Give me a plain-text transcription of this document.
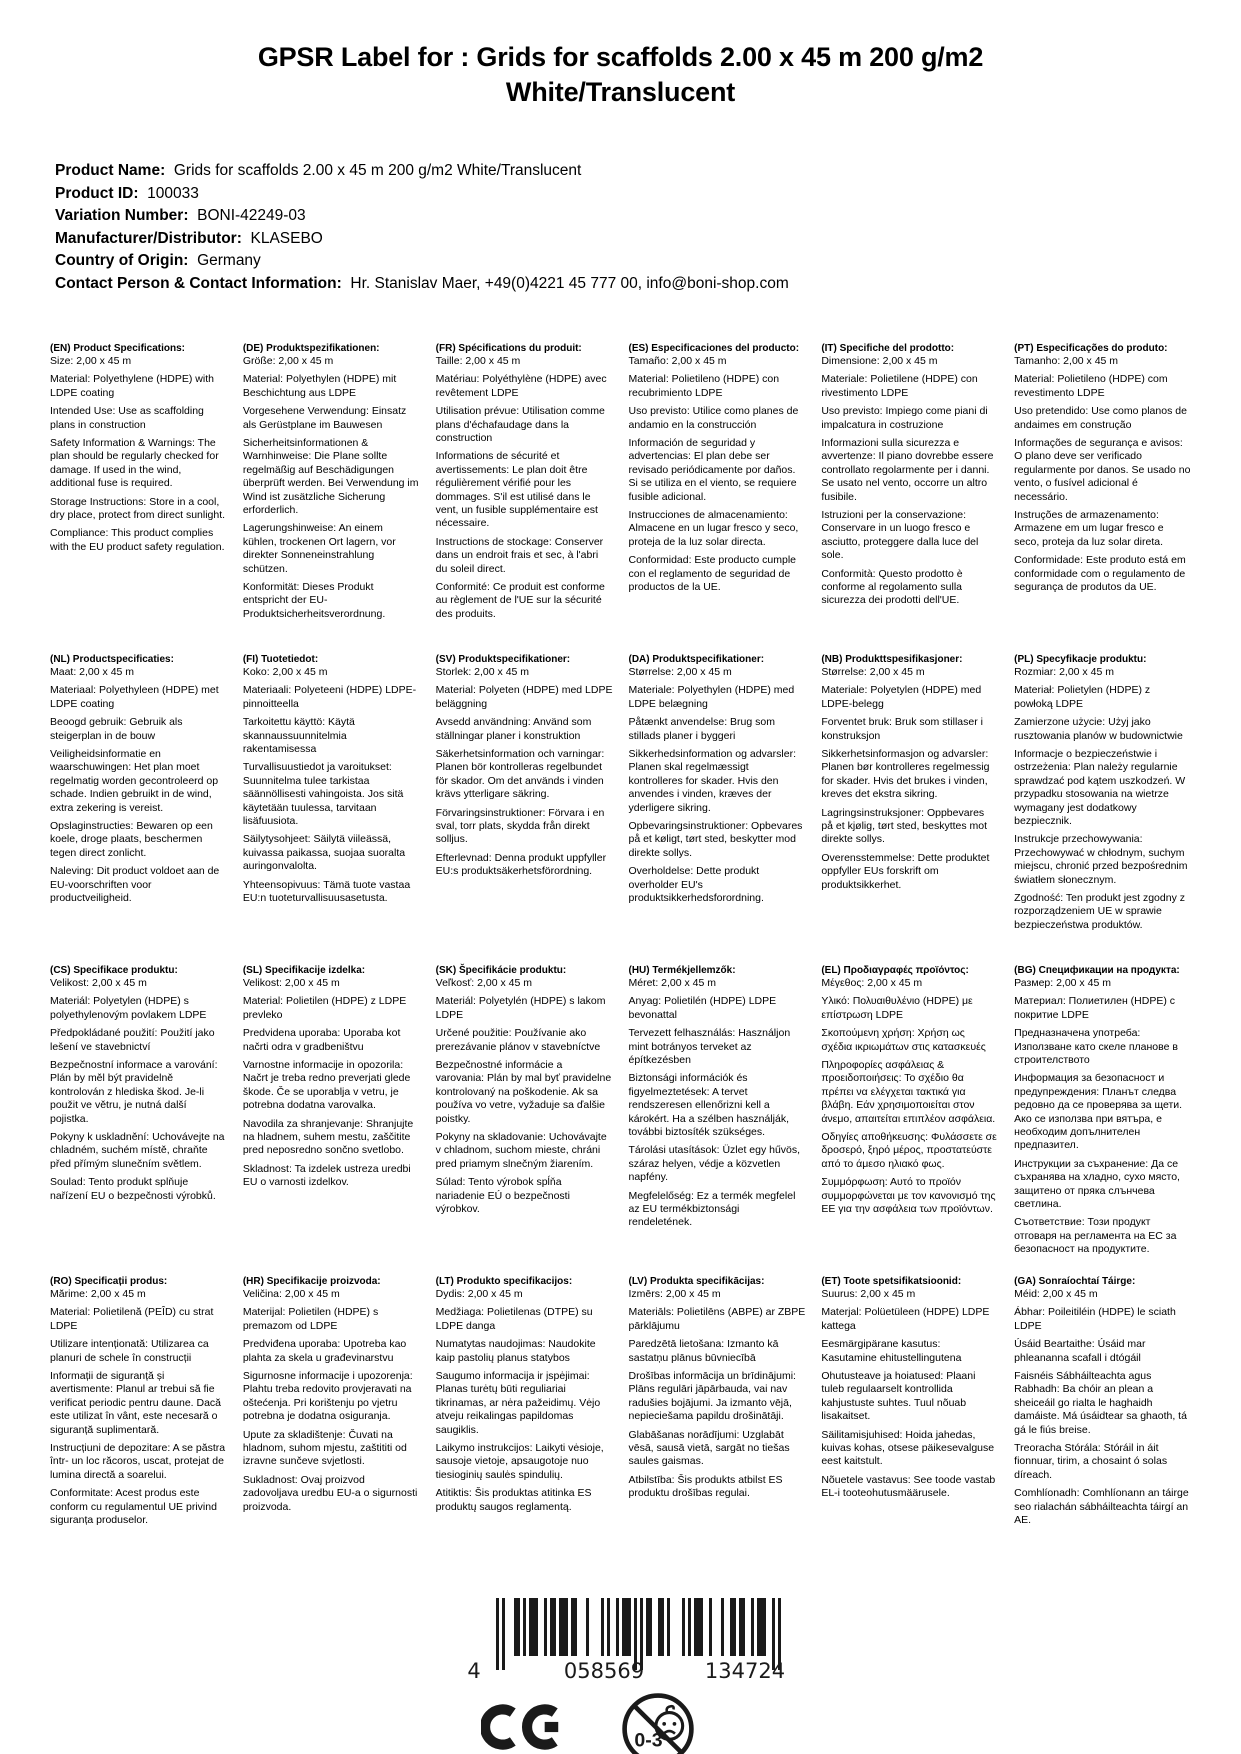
GPSR Label for : Grids for scaffolds 2.00 x 45 m 200 g/m2
White/Translucent
Product Name:  Grids for scaffolds 2.00 x 45 m 200 g/m2 White/Translucent
Product ID:  100033
Variation Number:  BONI-42249-03
Manufacturer/Distributor:  KLASEBO
Country of Origin:  Germany
Contact Person & Contact Information:  Hr. Stanislav Maer, +49(0)4221 45 777 00, info@boni-shop.com
(EN) Product Specifications:

Size: 2,00 x 45 m

Material: Polyethylene (HDPE) with LDPE coating

Intended Use: Use as scaffolding plans in construction

Safety Information & Warnings: The plan should be regularly checked for damage. If used in the wind, additional fuse is required.

Storage Instructions: Store in a cool, dry place, protect from direct sunlight.

Compliance: This product complies with the EU product safety regulation.

(DE) Produktspezifikationen:

Größe: 2,00 x 45 m

Material: Polyethylen (HDPE) mit Beschichtung aus LDPE

Vorgesehene Verwendung: Einsatz als Gerüstplane im Bauwesen

Sicherheitsinformationen & Warnhinweise: Die Plane sollte regelmäßig auf Beschädigungen überprüft werden. Bei Verwendung im Wind ist zusätzliche Sicherung erforderlich.

Lagerungshinweise: An einem kühlen, trockenen Ort lagern, vor direkter Sonneneinstrahlung schützen.

Konformität: Dieses Produkt entspricht der EU-Produktsicherheitsverordnung.

(FR) Spécifications du produit:

Taille: 2,00 x 45 m

Matériau: Polyéthylène (HDPE) avec revêtement LDPE

Utilisation prévue: Utilisation comme plans d'échafaudage dans la construction

Informations de sécurité et avertissements: Le plan doit être régulièrement vérifié pour les dommages. S'il est utilisé dans le vent, un fusible supplémentaire est nécessaire.

Instructions de stockage: Conserver dans un endroit frais et sec, à l'abri du soleil direct.

Conformité: Ce produit est conforme au règlement de l'UE sur la sécurité des produits.

(ES) Especificaciones del producto:

Tamaño: 2,00 x 45 m

Material: Polietileno (HDPE) con recubrimiento LDPE

Uso previsto: Utilice como planes de andamio en la construcción

Información de seguridad y advertencias: El plan debe ser revisado periódicamente por daños. Si se utiliza en el viento, se requiere fusible adicional.

Instrucciones de almacenamiento: Almacene en un lugar fresco y seco, proteja de la luz solar directa.

Conformidad: Este producto cumple con el reglamento de seguridad de productos de la UE.

(IT) Specifiche del prodotto:

Dimensione: 2,00 x 45 m

Materiale: Polietilene (HDPE) con rivestimento LDPE

Uso previsto: Impiego come piani di impalcatura in costruzione

Informazioni sulla sicurezza e avvertenze: Il piano dovrebbe essere controllato regolarmente per i danni. Se usato nel vento, occorre un altro fusibile.

Istruzioni per la conservazione: Conservare in un luogo fresco e asciutto, proteggere dalla luce del sole.

Conformità: Questo prodotto è conforme al regolamento sulla sicurezza dei prodotti dell'UE.

(PT) Especificações do produto:

Tamanho: 2,00 x 45 m

Material: Polietileno (HDPE) com revestimento LDPE

Uso pretendido: Use como planos de andaimes em construção

Informações de segurança e avisos: O plano deve ser verificado regularmente por danos. Se usado no vento, o fusível adicional é necessário.

Instruções de armazenamento: Armazene em um lugar fresco e seco, proteja da luz solar direta.

Conformidade: Este produto está em conformidade com o regulamento de segurança de produtos da UE.

(NL) Productspecificaties:

Maat: 2,00 x 45 m

Materiaal: Polyethyleen (HDPE) met LDPE coating

Beoogd gebruik: Gebruik als steigerplan in de bouw

Veiligheidsinformatie en waarschuwingen: Het plan moet regelmatig worden gecontroleerd op schade. Indien gebruikt in de wind, extra zekering is vereist.

Opslaginstructies: Bewaren op een koele, droge plaats, beschermen tegen direct zonlicht.

Naleving: Dit product voldoet aan de EU-voorschriften voor productveiligheid.

(FI) Tuotetiedot:

Koko: 2,00 x 45 m

Materiaali: Polyeteeni (HDPE) LDPE-pinnoitteella

Tarkoitettu käyttö: Käytä skannaussuunnitelmia rakentamisessa

Turvallisuustiedot ja varoitukset: Suunnitelma tulee tarkistaa säännöllisesti vahingoista. Jos sitä käytetään tuulessa, tarvitaan lisäfuusiota.

Säilytysohjeet: Säilytä viileässä, kuivassa paikassa, suojaa suoralta auringonvalolta.

Yhteensopivuus: Tämä tuote vastaa EU:n tuoteturvallisuusasetusta.

(SV) Produktspecifikationer:

Storlek: 2,00 x 45 m

Material: Polyeten (HDPE) med LDPE beläggning

Avsedd användning: Använd som ställningar planer i konstruktion

Säkerhetsinformation och varningar: Planen bör kontrolleras regelbundet för skador. Om det används i vinden krävs ytterligare säkring.

Förvaringsinstruktioner: Förvara i en sval, torr plats, skydda från direkt solljus.

Efterlevnad: Denna produkt uppfyller EU:s produktsäkerhetsförordning.

(DA) Produktspecifikationer:

Størrelse: 2,00 x 45 m

Materiale: Polyethylen (HDPE) med LDPE belægning

Påtænkt anvendelse: Brug som stillads planer i byggeri

Sikkerhedsinformation og advarsler: Planen skal regelmæssigt kontrolleres for skader. Hvis den anvendes i vinden, kræves der yderligere sikring.

Opbevaringsinstruktioner: Opbevares på et køligt, tørt sted, beskytter mod direkte sollys.

Overholdelse: Dette produkt overholder EU's produktsikkerhedsforordning.

(NB) Produkttspesifikasjoner:

Størrelse: 2,00 x 45 m

Materiale: Polyetylen (HDPE) med LDPE-belegg

Forventet bruk: Bruk som stillaser i konstruksjon

Sikkerhetsinformasjon og advarsler: Planen bør kontrolleres regelmessig for skader. Hvis det brukes i vinden, kreves det ekstra sikring.

Lagringsinstruksjoner: Oppbevares på et kjølig, tørt sted, beskyttes mot direkte sollys.

Overensstemmelse: Dette produktet oppfyller EUs forskrift om produktsikkerhet.

(PL) Specyfikacje produktu:

Rozmiar: 2,00 x 45 m

Materiał: Polietylen (HDPE) z powłoką LDPE

Zamierzone użycie: Użyj jako rusztowania planów w budownictwie

Informacje o bezpieczeństwie i ostrzeżenia: Plan należy regularnie sprawdzać pod kątem uszkodzeń. W przypadku stosowania na wietrze wymagany jest dodatkowy bezpiecznik.

Instrukcje przechowywania: Przechowywać w chłodnym, suchym miejscu, chronić przed bezpośrednim światłem słonecznym.

Zgodność: Ten produkt jest zgodny z rozporządzeniem UE w sprawie bezpieczeństwa produktów.

(CS) Specifikace produktu:

Velikost: 2,00 x 45 m

Materiál: Polyetylen (HDPE) s polyethylenovým povlakem LDPE

Předpokládané použití: Použití jako lešení ve stavebnictví

Bezpečnostní informace a varování: Plán by měl být pravidelně kontrolován z hlediska škod. Je-li použit ve větru, je nutná další pojistka.

Pokyny k uskladnění: Uchovávejte na chladném, suchém místě, chraňte před přímým slunečním světlem.

Soulad: Tento produkt splňuje nařízení EU o bezpečnosti výrobků.

(SL) Specifikacije izdelka:

Velikost: 2,00 x 45 m

Material: Polietilen (HDPE) z LDPE prevleko

Predvidena uporaba: Uporaba kot načrti odra v gradbeništvu

Varnostne informacije in opozorila: Načrt je treba redno preverjati glede škode. Če se uporablja v vetru, je potrebna dodatna varovalka.

Navodila za shranjevanje: Shranjujte na hladnem, suhem mestu, zaščitite pred neposredno sončno svetlobo.

Skladnost: Ta izdelek ustreza uredbi EU o varnosti izdelkov.

(SK) Špecifikácie produktu:

Veľkosť: 2,00 x 45 m

Materiál: Polyetylén (HDPE) s lakom LDPE

Určené použitie: Používanie ako prerezávanie plánov v stavebníctve

Bezpečnostné informácie a varovania: Plán by mal byť pravidelne kontrolovaný na poškodenie. Ak sa používa vo vetre, vyžaduje sa ďalšie poistky.

Pokyny na skladovanie: Uchovávajte v chladnom, suchom mieste, chráni pred priamym slnečným žiarením.

Súlad: Tento výrobok spĺňa nariadenie EÚ o bezpečnosti výrobkov.

(HU) Termékjellemzők:

Méret: 2,00 x 45 m

Anyag: Polietilén (HDPE) LDPE bevonattal

Tervezett felhasználás: Használjon mint botrányos terveket az építkezésben

Biztonsági információk és figyelmeztetések: A tervet rendszeresen ellenőrizni kell a károkért. Ha a szélben használják, további biztosíték szükséges.

Tárolási utasítások: Üzlet egy hűvös, száraz helyen, védje a közvetlen napfény.

Megfelelőség: Ez a termék megfelel az EU termékbiztonsági rendeletének.

(EL) Προδιαγραφές προϊόντος:

Μέγεθος: 2,00 x 45 m

Υλικό: Πολυαιθυλένιο (HDPE) με επίστρωση LDPE

Σκοπούμενη χρήση: Χρήση ως σχέδια ικριωμάτων στις κατασκευές

Πληροφορίες ασφάλειας & προειδοποιήσεις: Το σχέδιο θα πρέπει να ελέγχεται τακτικά για βλάβη. Εάν χρησιμοποιείται στον άνεμο, απαιτείται επιπλέον ασφάλεια.

Οδηγίες αποθήκευσης: Φυλάσσετε σε δροσερό, ξηρό μέρος, προστατεύστε από το άμεσο ηλιακό φως.

Συμμόρφωση: Αυτό το προϊόν συμμορφώνεται με τον κανονισμό της ΕΕ για την ασφάλεια των προϊόντων.

(BG) Спецификации на продукта:

Размер: 2,00 x 45 m

Материал: Полиетилен (HDPE) с покритие LDPE

Предназначена употреба: Използване като скеле планове в строителството

Информация за безопасност и предупреждения: Планът следва редовно да се проверява за щети. Ако се използва при вятъра, е необходим допълнителен предпазител.

Инструкции за съхранение: Да се съхранява на хладно, сухо място, защитено от пряка слънчева светлина.

Съответствие: Този продукт отговаря на регламента на ЕС за безопасност на продуктите.

(RO) Specificații produs:

Mărime: 2,00 x 45 m

Material: Polietilenă (PEÎD) cu strat LDPE

Utilizare intenționată: Utilizarea ca planuri de schele în construcții

Informații de siguranță și avertismente: Planul ar trebui să fie verificat periodic pentru daune. Dacă este utilizat în vânt, este necesară o siguranță suplimentară.

Instrucțiuni de depozitare: A se păstra într- un loc răcoros, uscat, protejat de lumina directă a soarelui.

Conformitate: Acest produs este conform cu regulamentul UE privind siguranța produselor.

(HR) Specifikacije proizvoda:

Veličina: 2,00 x 45 m

Materijal: Polietilen (HDPE) s premazom od LDPE

Predviđena uporaba: Upotreba kao plahta za skela u građevinarstvu

Sigurnosne informacije i upozorenja: Plahtu treba redovito provjeravati na oštećenja. Pri korištenju po vjetru potrebna je dodatna osiguranja.

Upute za skladištenje: Čuvati na hladnom, suhom mjestu, zaštititi od izravne sunčeve svjetlosti.

Sukladnost: Ovaj proizvod zadovoljava uredbu EU-a o sigurnosti proizvoda.

(LT) Produkto specifikacijos:

Dydis: 2,00 x 45 m

Medžiaga: Polietilenas (DTPE) su LDPE danga

Numatytas naudojimas: Naudokite kaip pastolių planus statybos

Saugumo informacija ir įspėjimai: Planas turėtų būti reguliariai tikrinamas, ar nėra pažeidimų. Vėjo atveju reikalingas papildomas saugiklis.

Laikymo instrukcijos: Laikyti vėsioje, sausoje vietoje, apsaugotoje nuo tiesioginių saulės spindulių.

Atitiktis: Šis produktas atitinka ES produktų saugos reglamentą.

(LV) Produkta specifikācijas:

Izmērs: 2,00 x 45 m

Materiāls: Polietilēns (ABPE) ar ZBPE pārklājumu

Paredzētā lietošana: Izmanto kā sastatņu plānus būvniecībā

Drošības informācija un brīdinājumi: Plāns regulāri jāpārbauda, vai nav radušies bojājumi. Ja izmanto vējā, nepieciešama papildu drošinātāji.

Glabāšanas norādījumi: Uzglabāt vēsā, sausā vietā, sargāt no tiešas saules gaismas.

Atbilstība: Šis produkts atbilst ES produktu drošības regulai.

(ET) Toote spetsifikatsioonid:

Suurus: 2,00 x 45 m

Materjal: Polüetüleen (HDPE) LDPE kattega

Eesmärgipärane kasutus: Kasutamine ehitustellingutena

Ohutusteave ja hoiatused: Plaani tuleb regulaarselt kontrollida kahjustuste suhtes. Tuul nõuab lisakaitset.

Säilitamisjuhised: Hoida jahedas, kuivas kohas, otsese päikesevalguse eest kaitstult.

Nõuetele vastavus: See toode vastab EL-i tooteohutusmäärusele.

(GA) Sonraíochtaí Táirge:

Méid: 2,00 x 45 m

Ábhar: Poileitiléin (HDPE) le sciath LDPE

Úsáid Beartaithe: Úsáid mar phleananna scafall i dtógáil

Faisnéis Sábháilteachta agus Rabhadh: Ba chóir an plean a sheiceáil go rialta le haghaidh damáiste. Má úsáidtear sa ghaoth, tá gá le fiús breise.

Treoracha Stórála: Stóráil in áit fionnuar, tirim, a chosaint ó solas díreach.

Comhlíonadh: Comhlíonann an táirge seo rialachán sábháilteachta táirgí an AE.

4	058569	134724
0-3
